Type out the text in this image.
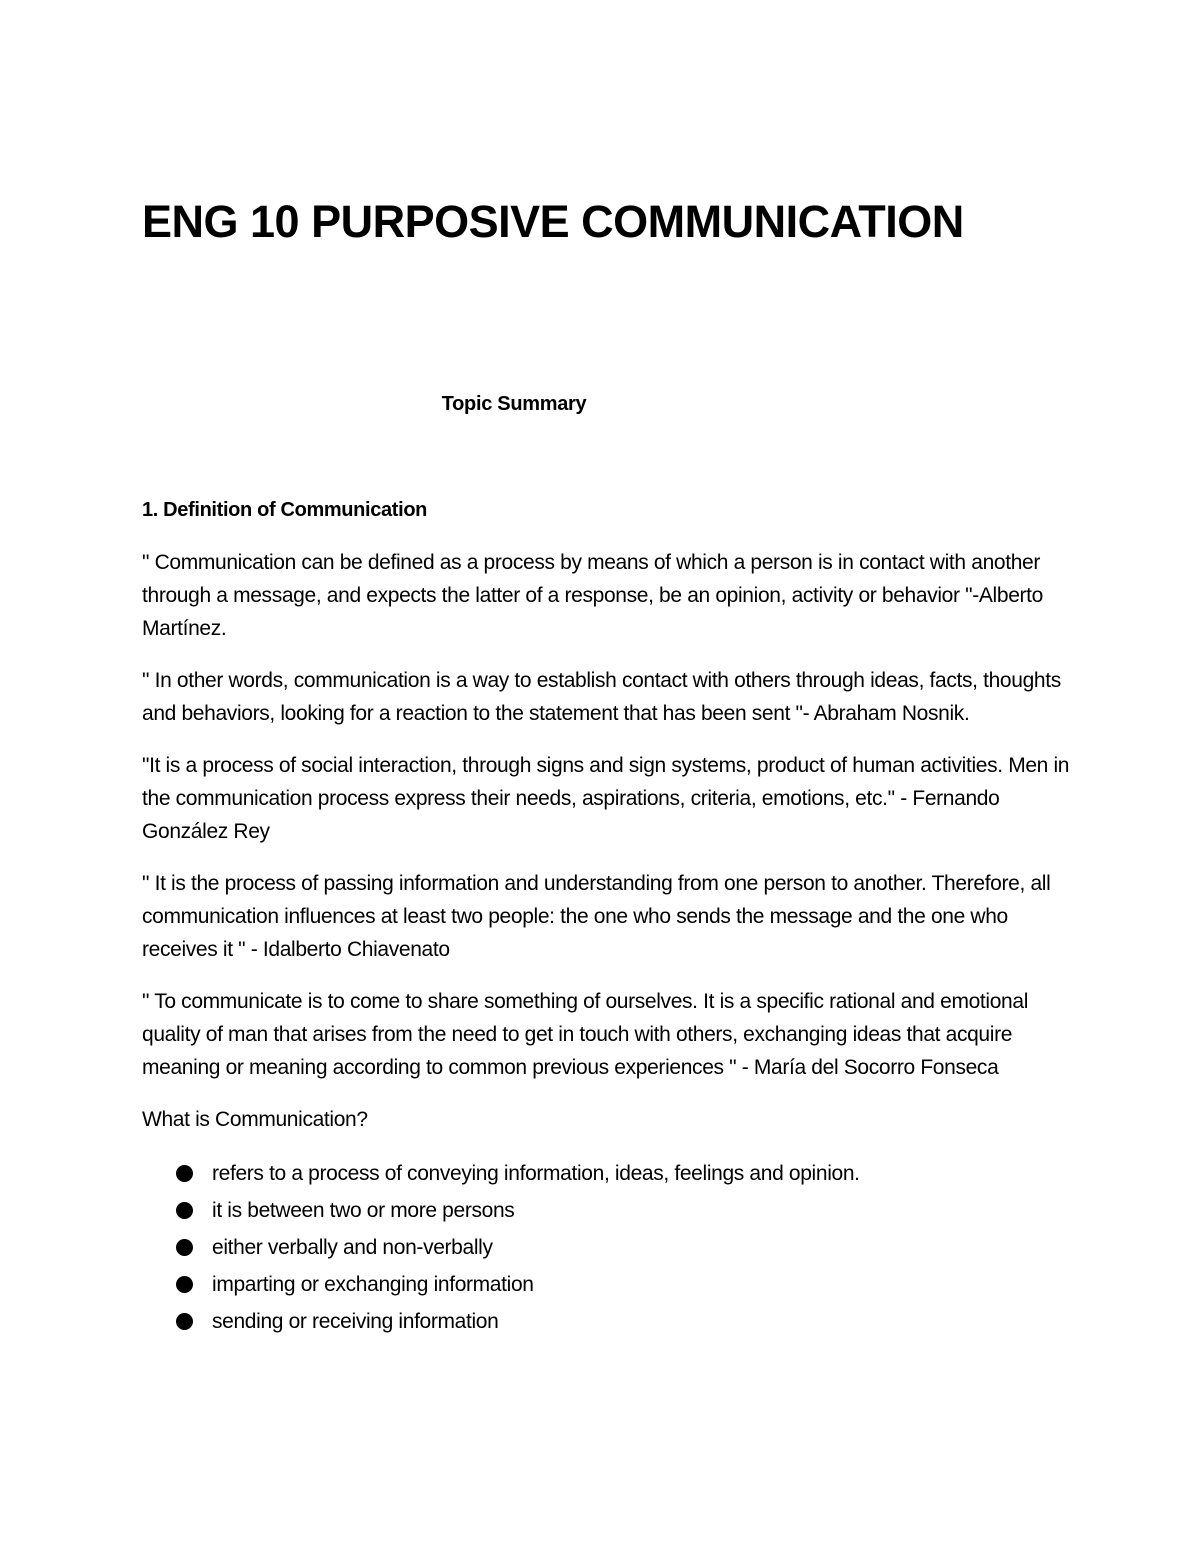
ENG 10 PURPOSIVE COMMUNICATION

Topic Summary

1. Definition of Communication

" Communication can be defined as a process by means of which a person is in contact with another through a message, and expects the latter of a response, be an opinion, activity or behavior "-Alberto Martínez.

" In other words, communication is a way to establish contact with others through ideas, facts, thoughts and behaviors, looking for a reaction to the statement that has been sent "- Abraham Nosnik.

"It is a process of social interaction, through signs and sign systems, product of human activities. Men in the communication process express their needs, aspirations, criteria, emotions, etc." - Fernando González Rey

" It is the process of passing information and understanding from one person to another. Therefore, all communication influences at least two people: the one who sends the message and the one who receives it " - Idalberto Chiavenato

" To communicate is to come to share something of ourselves. It is a specific rational and emotional quality of man that arises from the need to get in touch with others, exchanging ideas that acquire meaning or meaning according to common previous experiences " - María del Socorro Fonseca

What is Communication?

refers to a process of conveying information, ideas, feelings and opinion.
it is between two or more persons
either verbally and non-verbally
imparting or exchanging information
sending or receiving information
